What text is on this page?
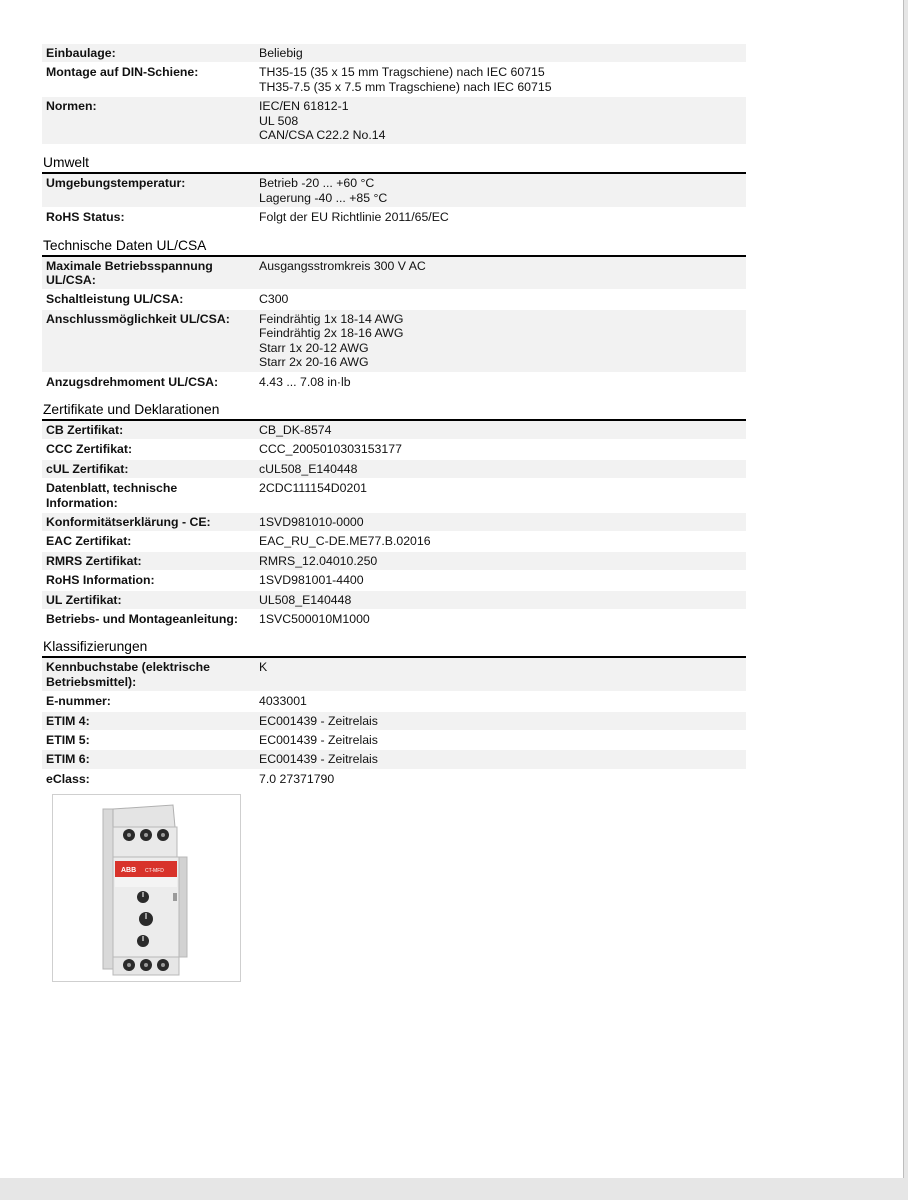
Einbaulage:	Beliebig

Montage auf DIN-Schiene:	TH35-15 (35 x 15 mm Tragschiene) nach IEC 60715
TH35-7.5 (35 x 7.5 mm Tragschiene) nach IEC 60715

Normen:	IEC/EN 61812-1
UL 508
CAN/CSA C22.2 No.14
Umwelt
Umgebungstemperatur:	Betrieb -20 ... +60 °C
Lagerung -40 ... +85 °C

RoHS Status:	Folgt der EU Richtlinie 2011/65/EC
Technische Daten UL/CSA
Maximale Betriebsspannung UL/CSA:	Ausgangsstromkreis 300 V AC

Schaltleistung UL/CSA:	C300

Anschlussmöglichkeit UL/CSA:	Feindrähtig 1x 18-14 AWG
Feindrähtig 2x 18-16 AWG
Starr 1x 20-12 AWG
Starr 2x 20-16 AWG

Anzugsdrehmoment UL/CSA:	4.43 ... 7.08 in·lb
Zertifikate und Deklarationen
CB Zertifikat:	CB_DK-8574

CCC Zertifikat:	CCC_2005010303153177

cUL Zertifikat:	cUL508_E140448

Datenblatt, technische Information:	2CDC111154D0201

Konformitätserklärung - CE:	1SVD981010-0000

EAC Zertifikat:	EAC_RU_C-DE.ME77.B.02016

RMRS Zertifikat:	RMRS_12.04010.250

RoHS Information:	1SVD981001-4400

UL Zertifikat:	UL508_E140448

Betriebs- und Montageanleitung:	1SVC500010M1000
Klassifizierungen
Kennbuchstabe (elektrische Betriebsmittel):	K

E-nummer:	4033001

ETIM 4:	EC001439 - Zeitrelais

ETIM 5:	EC001439 - Zeitrelais

ETIM 6:	EC001439 - Zeitrelais

eClass:	7.0 27371790
ABB CT-MFD
